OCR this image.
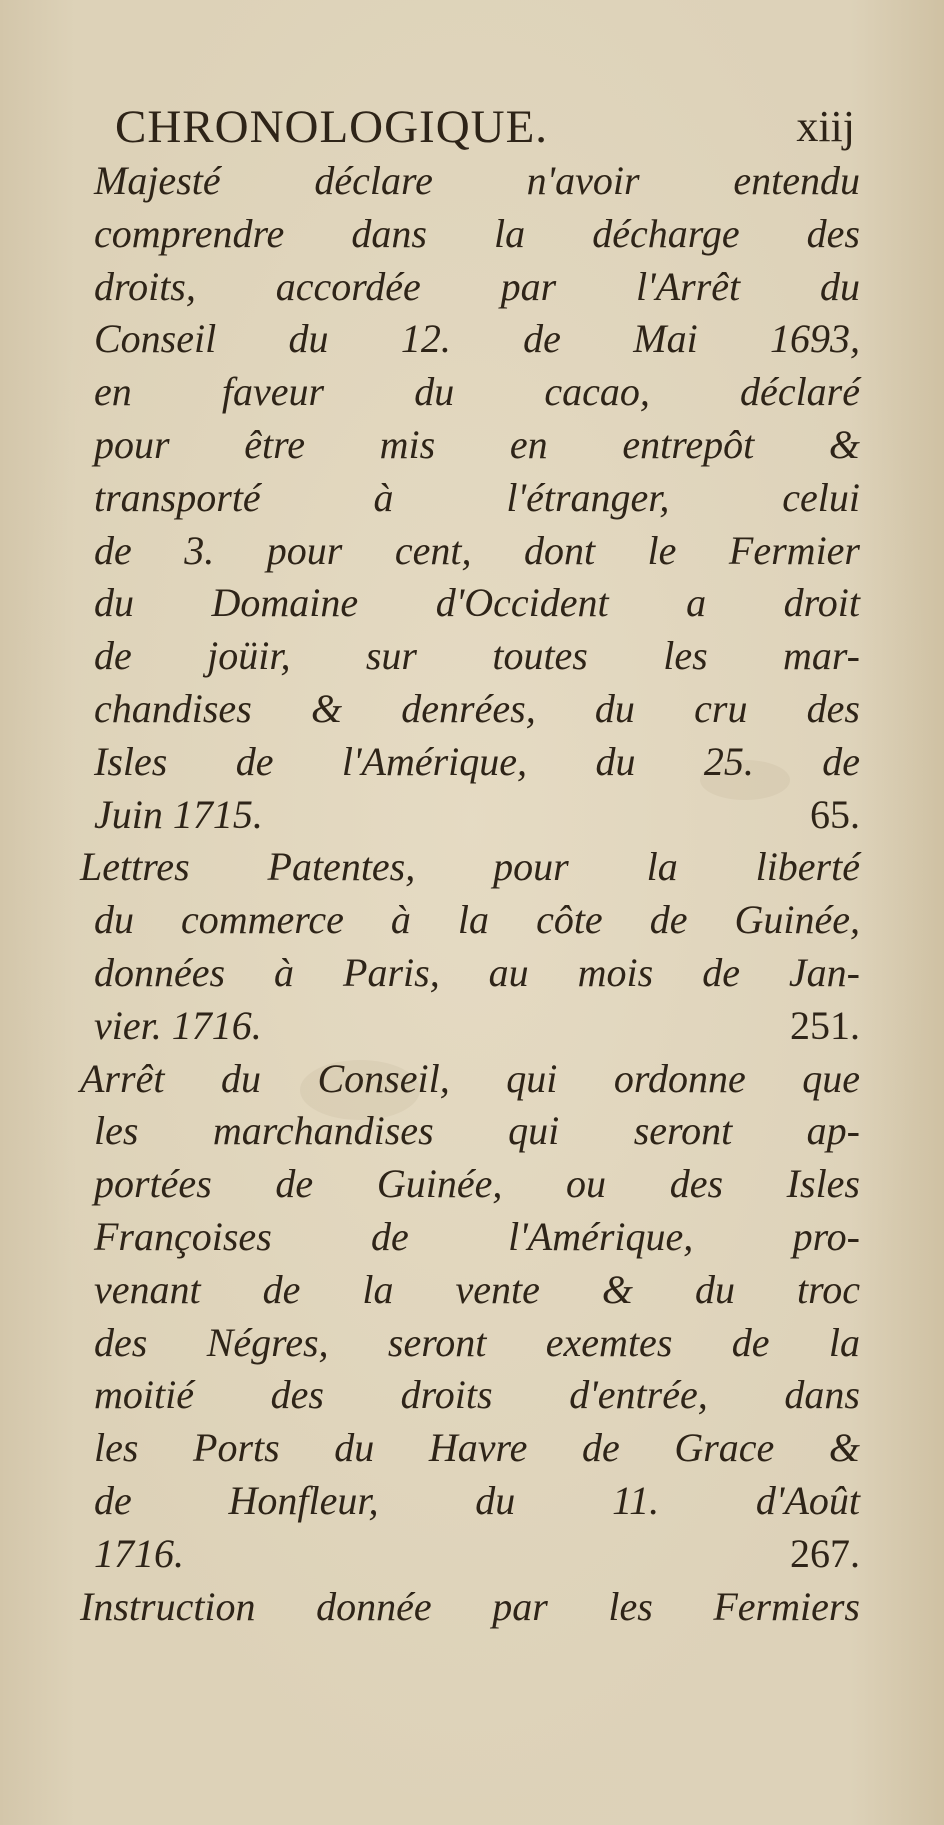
CHRONOLOGIQUE.	xiij
Majesté déclare n'avoir entendu
comprendre dans la décharge des
droits, accordée par l'Arrêt du
Conseil du 12. de Mai 1693,
en faveur du cacao, déclaré
pour être mis en entrepôt &
transporté à l'étranger, celui
de 3. pour cent, dont le Fermier
du Domaine d'Occident a droit
de joüir, sur toutes les mar-
chandises & denrées, du cru des
Isles de l'Amérique, du 25. de
Juin 1715.	65.
Lettres Patentes, pour la liberté
du commerce à la côte de Guinée,
données à Paris, au mois de Jan-
vier. 1716.	251.
Arrêt du Conseil, qui ordonne que
les marchandises qui seront ap-
portées de Guinée, ou des Isles
Françoises de l'Amérique, pro-
venant de la vente & du troc
des Négres, seront exemtes de la
moitié des droits d'entrée, dans
les Ports du Havre de Grace &
de Honfleur, du 11. d'Août
1716.	267.
Instruction donnée par les Fermiers
